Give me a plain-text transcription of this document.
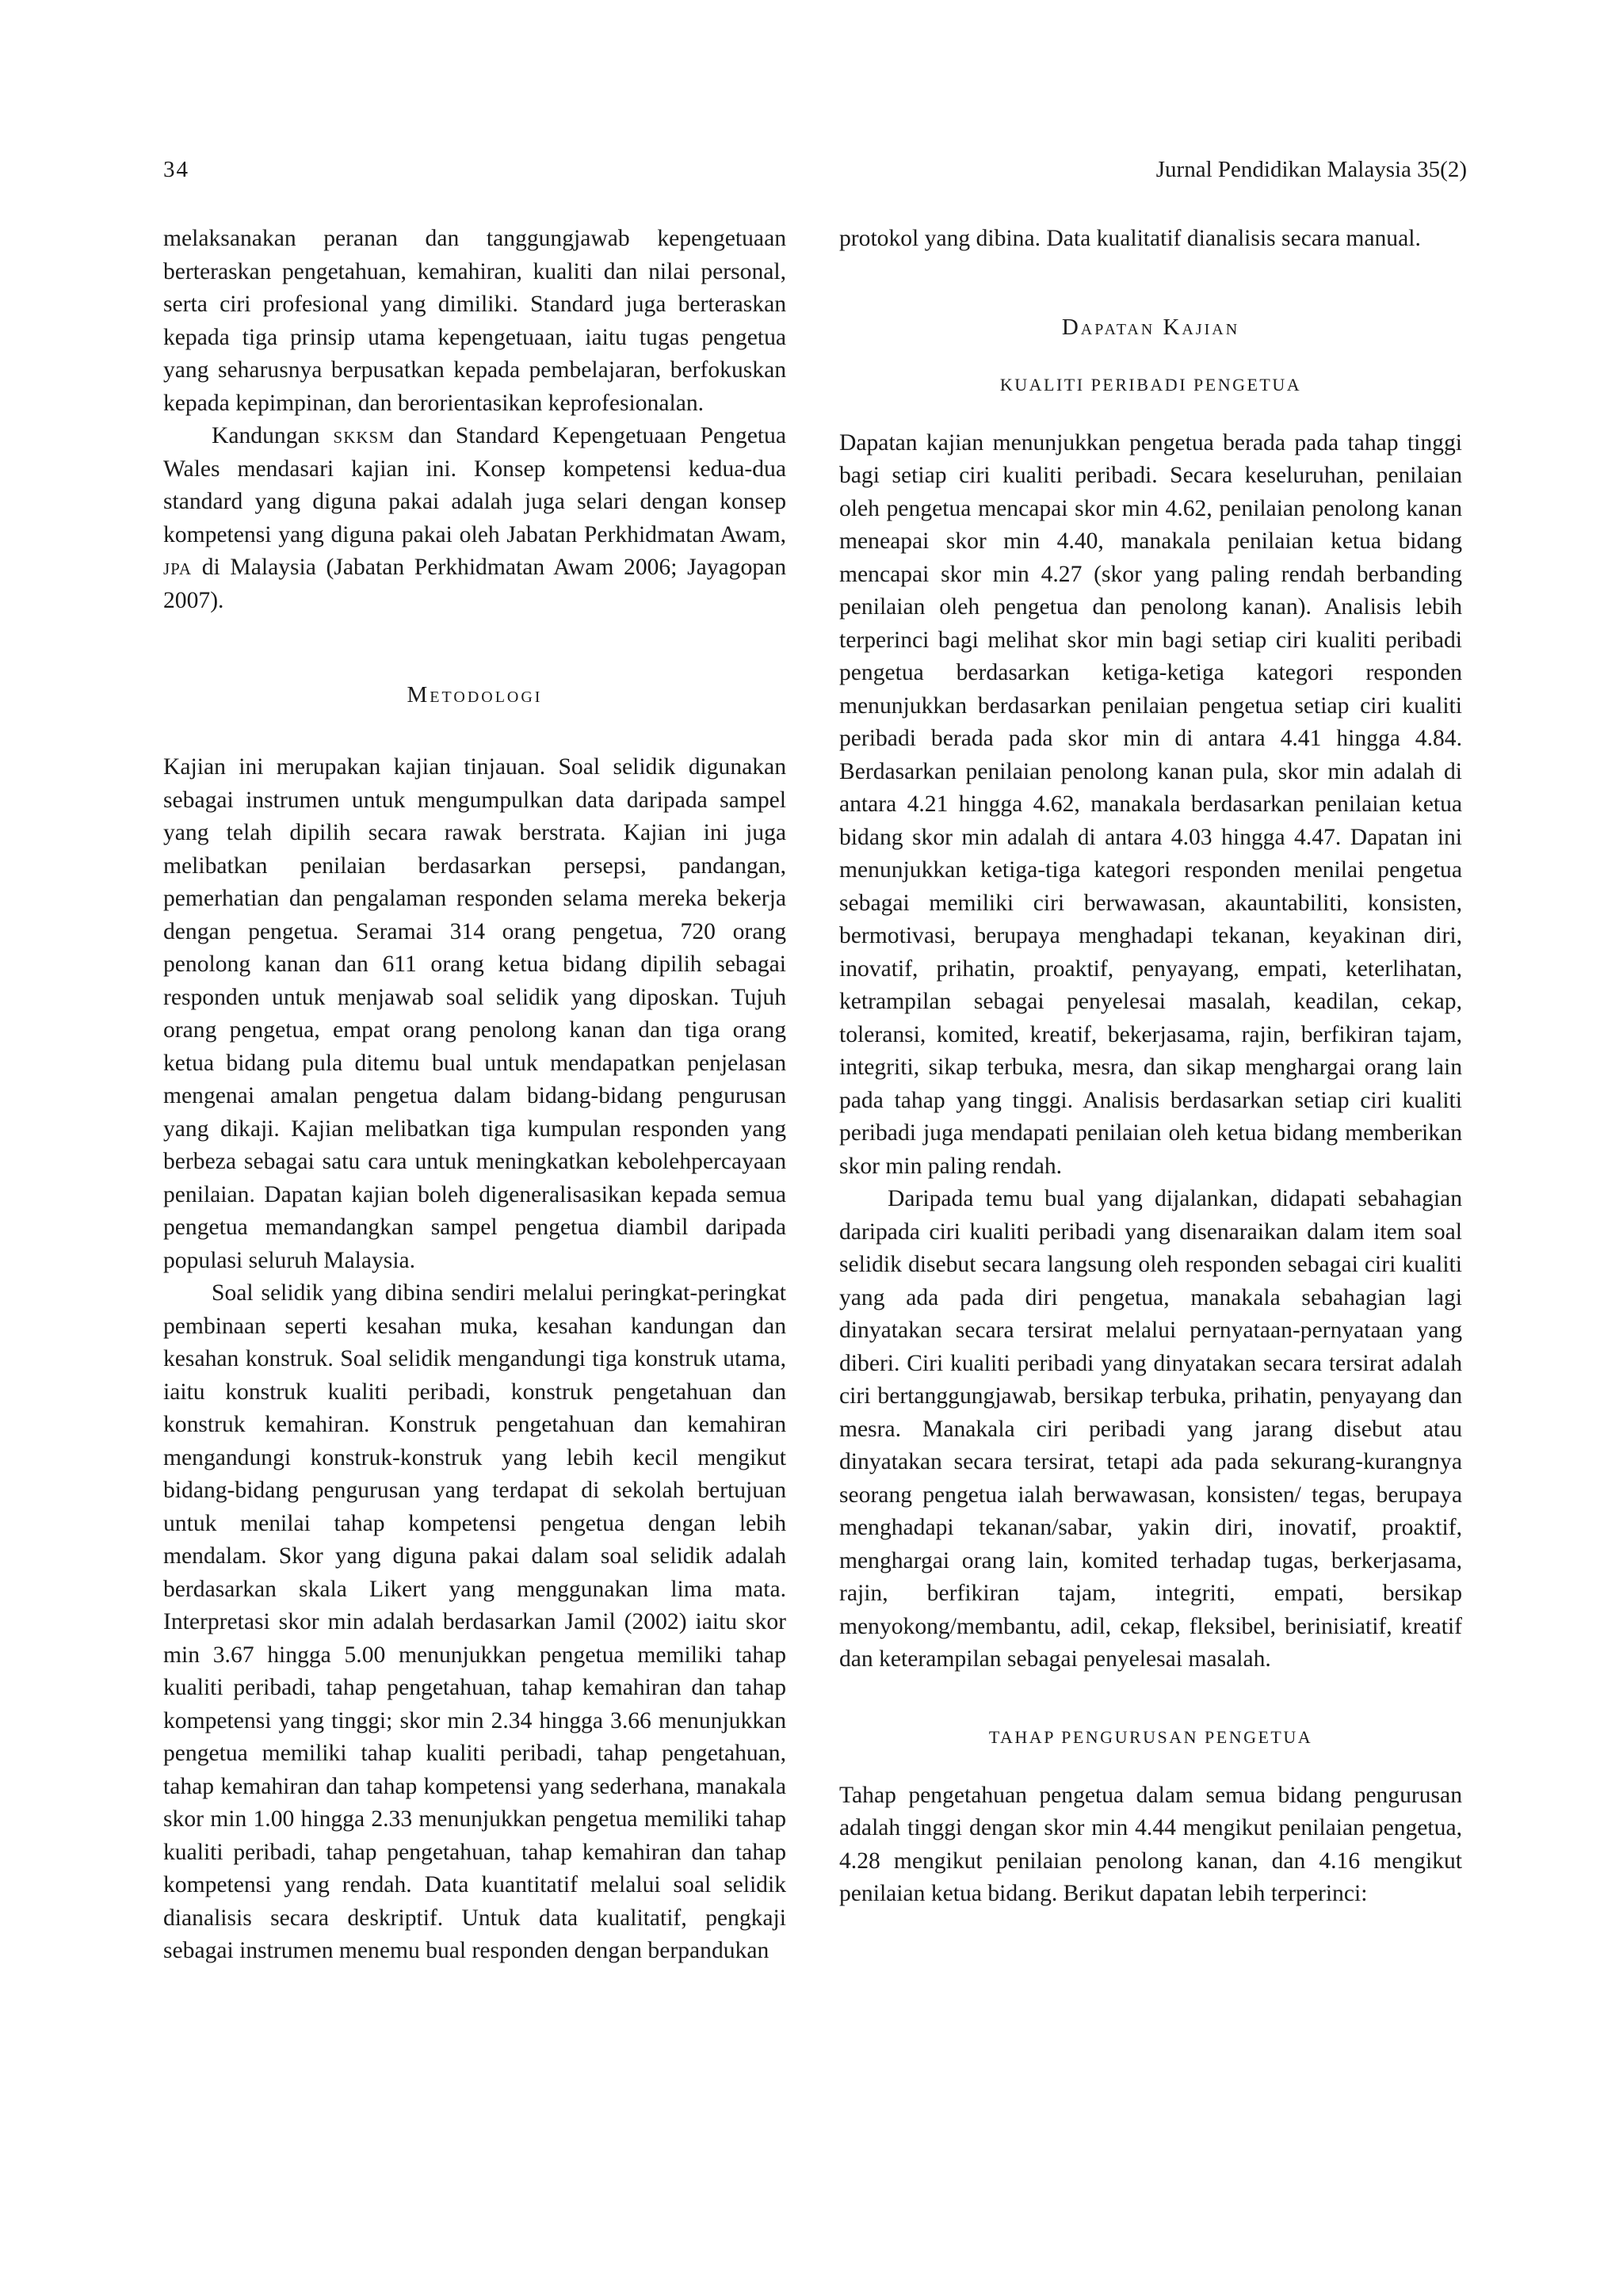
34	Jurnal Pendidikan Malaysia 35(2)

melaksanakan peranan dan tanggungjawab kepengetuaan berteraskan pengetahuan, kemahiran, kualiti dan nilai personal, serta ciri profesional yang dimiliki. Standard juga berteraskan kepada tiga prinsip utama kepengetuaan, iaitu tugas pengetua yang seharusnya berpusatkan kepada pembelajaran, berfokuskan kepada kepimpinan, dan berorientasikan keprofesionalan.

Kandungan skksm dan Standard Kepengetuaan Pengetua Wales mendasari kajian ini. Konsep kompetensi kedua-dua standard yang diguna pakai adalah juga selari dengan konsep kompetensi yang diguna pakai oleh Jabatan Perkhidmatan Awam, jpa di Malaysia (Jabatan Perkhidmatan Awam 2006; Jayagopan 2007).

Metodologi

Kajian ini merupakan kajian tinjauan. Soal selidik digunakan sebagai instrumen untuk mengumpulkan data daripada sampel yang telah dipilih secara rawak berstrata. Kajian ini juga melibatkan penilaian berdasarkan persepsi, pandangan, pemerhatian dan pengalaman responden selama mereka bekerja dengan pengetua. Seramai 314 orang pengetua, 720 orang penolong kanan dan 611 orang ketua bidang dipilih sebagai responden untuk menjawab soal selidik yang diposkan. Tujuh orang pengetua, empat orang penolong kanan dan tiga orang ketua bidang pula ditemu bual untuk mendapatkan penjelasan mengenai amalan pengetua dalam bidang-bidang pengurusan yang dikaji. Kajian melibatkan tiga kumpulan responden yang berbeza sebagai satu cara untuk meningkatkan kebolehpercayaan penilaian. Dapatan kajian boleh digeneralisasikan kepada semua pengetua memandangkan sampel pengetua diambil daripada populasi seluruh Malaysia.

Soal selidik yang dibina sendiri melalui peringkat-peringkat pembinaan seperti kesahan muka, kesahan kandungan dan kesahan konstruk. Soal selidik mengandungi tiga konstruk utama, iaitu konstruk kualiti peribadi, konstruk pengetahuan dan konstruk kemahiran. Konstruk pengetahuan dan kemahiran mengandungi konstruk-konstruk yang lebih kecil mengikut bidang-bidang pengurusan yang terdapat di sekolah bertujuan untuk menilai tahap kompetensi pengetua dengan lebih mendalam. Skor yang diguna pakai dalam soal selidik adalah berdasarkan skala Likert yang menggunakan lima mata. Interpretasi skor min adalah berdasarkan Jamil (2002) iaitu skor min 3.67 hingga 5.00 menunjukkan pengetua memiliki tahap kualiti peribadi, tahap pengetahuan, tahap kemahiran dan tahap kompetensi yang tinggi; skor min 2.34 hingga 3.66 menunjukkan pengetua memiliki tahap kualiti peribadi, tahap pengetahuan, tahap kemahiran dan tahap kompetensi yang sederhana, manakala skor min 1.00 hingga 2.33 menunjukkan pengetua memiliki tahap kualiti peribadi, tahap pengetahuan, tahap kemahiran dan tahap kompetensi yang rendah. Data kuantitatif melalui soal selidik dianalisis secara deskriptif. Untuk data kualitatif, pengkaji sebagai instrumen menemu bual responden dengan berpandukan

protokol yang dibina. Data kualitatif dianalisis secara manual.

Dapatan Kajian
KUALITI PERIBADI PENGETUA

Dapatan kajian menunjukkan pengetua berada pada tahap tinggi bagi setiap ciri kualiti peribadi. Secara keseluruhan, penilaian oleh pengetua mencapai skor min 4.62, penilaian penolong kanan meneapai skor min 4.40, manakala penilaian ketua bidang mencapai skor min 4.27 (skor yang paling rendah berbanding penilaian oleh pengetua dan penolong kanan). Analisis lebih terperinci bagi melihat skor min bagi setiap ciri kualiti peribadi pengetua berdasarkan ketiga-ketiga kategori responden menunjukkan berdasarkan penilaian pengetua setiap ciri kualiti peribadi berada pada skor min di antara 4.41 hingga 4.84. Berdasarkan penilaian penolong kanan pula, skor min adalah di antara 4.21 hingga 4.62, manakala berdasarkan penilaian ketua bidang skor min adalah di antara 4.03 hingga 4.47. Dapatan ini menunjukkan ketiga-tiga kategori responden menilai pengetua sebagai memiliki ciri berwawasan, akauntabiliti, konsisten, bermotivasi, berupaya menghadapi tekanan, keyakinan diri, inovatif, prihatin, proaktif, penyayang, empati, keterlihatan, ketrampilan sebagai penyelesai masalah, keadilan, cekap, toleransi, komited, kreatif, bekerjasama, rajin, berfikiran tajam, integriti, sikap terbuka, mesra, dan sikap menghargai orang lain pada tahap yang tinggi. Analisis berdasarkan setiap ciri kualiti peribadi juga mendapati penilaian oleh ketua bidang memberikan skor min paling rendah.

Daripada temu bual yang dijalankan, didapati sebahagian daripada ciri kualiti peribadi yang disenaraikan dalam item soal selidik disebut secara langsung oleh responden sebagai ciri kualiti yang ada pada diri pengetua, manakala sebahagian lagi dinyatakan secara tersirat melalui pernyataan-pernyataan yang diberi. Ciri kualiti peribadi yang dinyatakan secara tersirat adalah ciri bertanggungjawab, bersikap terbuka, prihatin, penyayang dan mesra. Manakala ciri peribadi yang jarang disebut atau dinyatakan secara tersirat, tetapi ada pada sekurang-kurangnya seorang pengetua ialah berwawasan, konsisten/ tegas, berupaya menghadapi tekanan/sabar, yakin diri, inovatif, proaktif, menghargai orang lain, komited terhadap tugas, berkerjasama, rajin, berfikiran tajam, integriti, empati, bersikap menyokong/membantu, adil, cekap, fleksibel, berinisiatif, kreatif dan keterampilan sebagai penyelesai masalah.

TAHAP PENGURUSAN PENGETUA

Tahap pengetahuan pengetua dalam semua bidang pengurusan adalah tinggi dengan skor min 4.44 mengikut penilaian pengetua, 4.28 mengikut penilaian penolong kanan, dan 4.16 mengikut penilaian ketua bidang. Berikut dapatan lebih terperinci:
